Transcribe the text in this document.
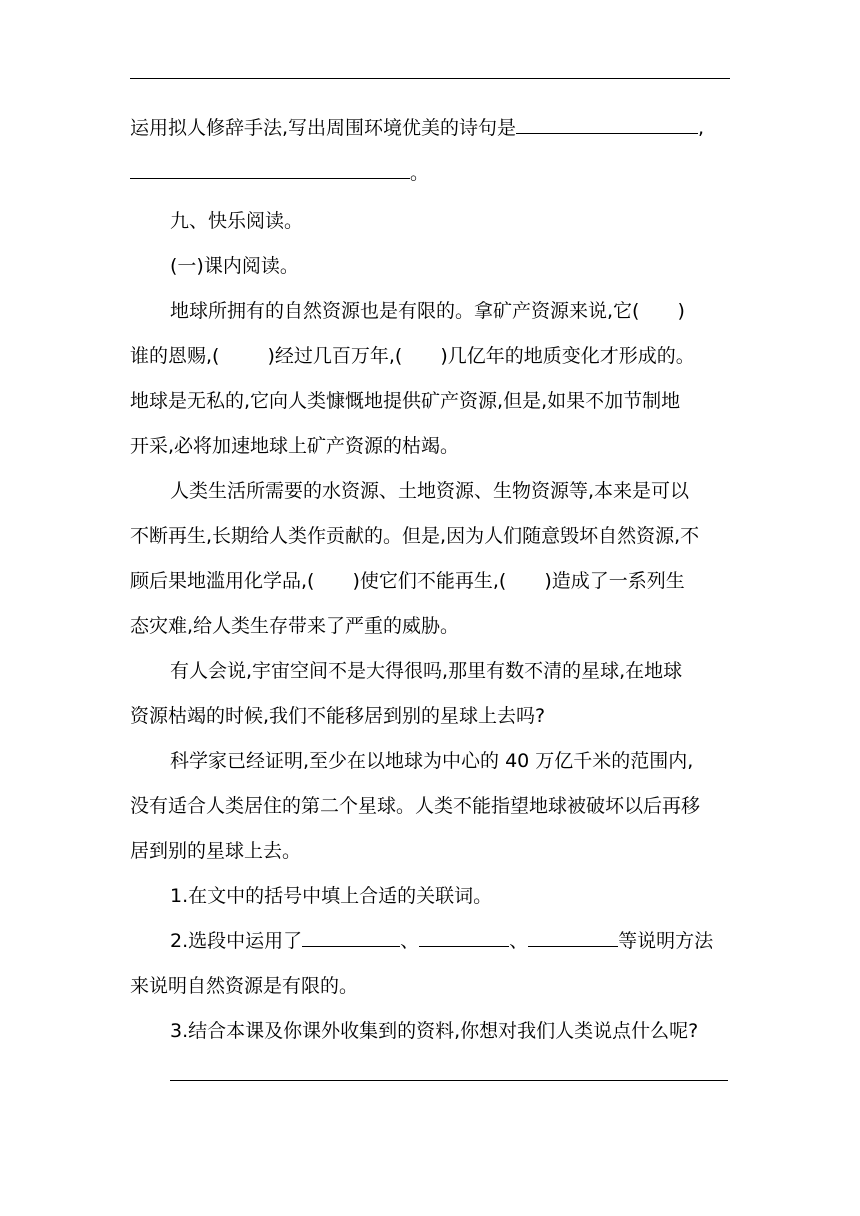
运用拟人修辞手法,写出周围环境优美的诗句是	,
。
九、快乐阅读。
(一)课内阅读。
地球所拥有的自然资源也是有限的。拿矿产资源来说,它( )
谁的恩赐,(	)经过几百万年,( )几亿年的地质变化才形成的。
地球是无私的,它向人类慷慨地提供矿产资源,但是,如果不加节制地
开采,必将加速地球上矿产资源的枯竭。
人类生活所需要的水资源、土地资源、生物资源等,本来是可以
不断再生,长期给人类作贡献的。但是,因为人们随意毁坏自然资源,不
顾后果地滥用化学品,( )使它们不能再生,( )造成了一系列生
态灾难,给人类生存带来了严重的威胁。
有人会说,宇宙空间不是大得很吗,那里有数不清的星球,在地球
资源枯竭的时候,我们不能移居到别的星球上去吗?
科学家已经证明,至少在以地球为中心的 40 万亿千米的范围内,
没有适合人类居住的第二个星球。人类不能指望地球被破坏以后再移
居到别的星球上去。
1.在文中的括号中填上合适的关联词。
2.选段中运用了	、	、	等说明方法
来说明自然资源是有限的。
3.结合本课及你课外收集到的资料,你想对我们人类说点什么呢?
